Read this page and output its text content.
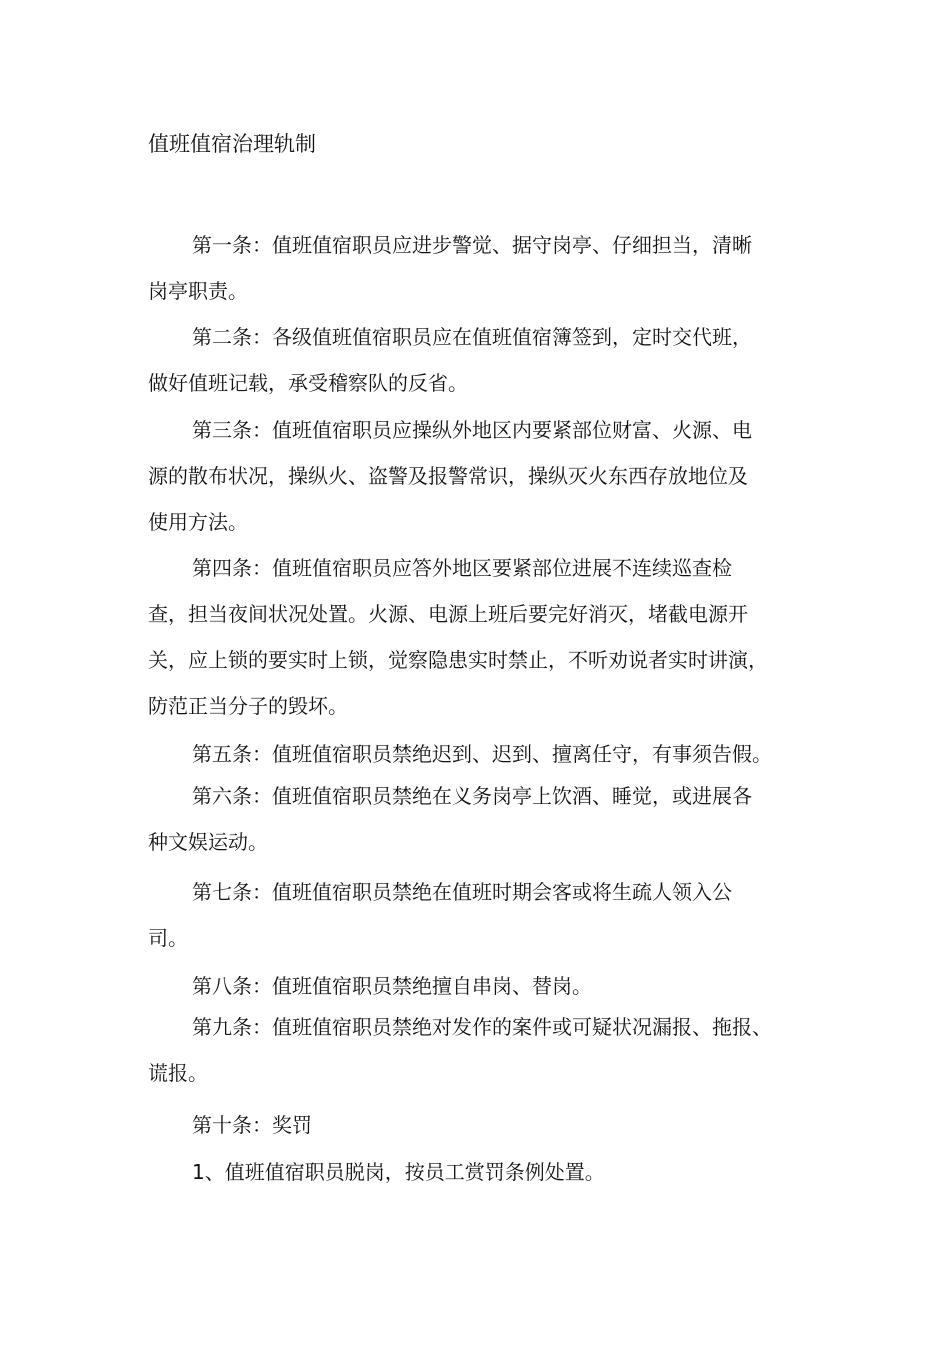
值班值宿治理轨制
第一条：值班值宿职员应进步警觉、据守岗亭、仔细担当，清晰
岗亭职责。
第二条：各级值班值宿职员应在值班值宿簿签到，定时交代班，
做好值班记载，承受稽察队的反省。
第三条：值班值宿职员应操纵外地区内要紧部位财富、火源、电
源的散布状况，操纵火、盗警及报警常识，操纵灭火东西存放地位及
使用方法。
第四条：值班值宿职员应答外地区要紧部位进展不连续巡查检
查，担当夜间状况处置。火源、电源上班后要完好消灭，堵截电源开
关，应上锁的要实时上锁，觉察隐患实时禁止，不听劝说者实时讲演，
防范正当分子的毁坏。
第五条：值班值宿职员禁绝迟到、迟到、擅离任守，有事须告假。
第六条：值班值宿职员禁绝在义务岗亭上饮酒、睡觉，或进展各
种文娱运动。
第七条：值班值宿职员禁绝在值班时期会客或将生疏人领入公
司。
第八条：值班值宿职员禁绝擅自串岗、替岗。
第九条：值班值宿职员禁绝对发作的案件或可疑状况漏报、拖报、
谎报。
第十条：奖罚
1、值班值宿职员脱岗，按员工赏罚条例处置。
